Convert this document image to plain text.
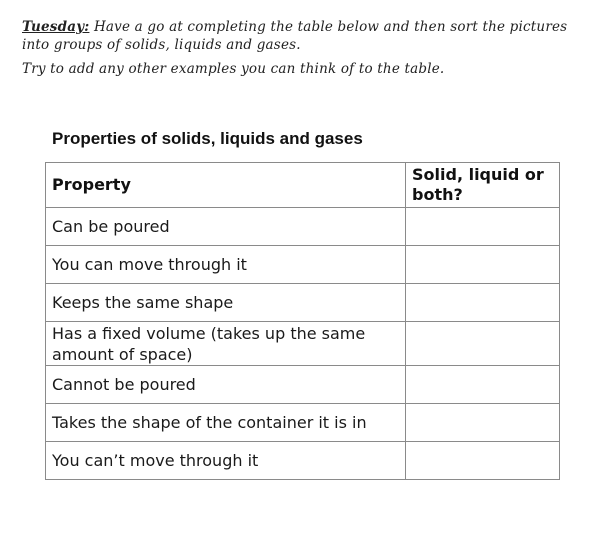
Tuesday: Have a go at completing the table below and then sort the pictures into groups of solids, liquids and gases.

Try to add any other examples you can think of to the table.

Properties of solids, liquids and gases
Property	Solid, liquid or both?
Can be poured	
You can move through it	
Keeps the same shape	
Has a fixed volume (takes up the same amount of space)	
Cannot be poured	
Takes the shape of the container it is in	
You can’t move through it	
